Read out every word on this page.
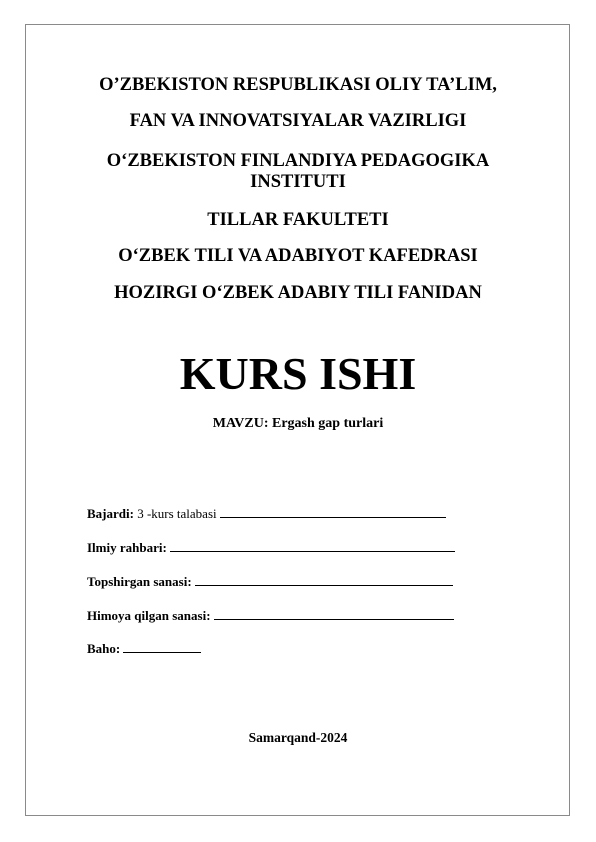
O’ZBEKISTON RESPUBLIKASI OLIY TA’LIM,

FAN VA INNOVATSIYALAR VAZIRLIGI

O‘ZBEKISTON FINLANDIYA PEDAGOGIKA

INSTITUTI

TILLAR FAKULTETI

O‘ZBEK TILI VA ADABIYOT KAFEDRASI

HOZIRGI O‘ZBEK ADABIY TILI FANIDAN

KURS ISHI

MAVZU: Ergash gap turlari

Bajardi: 3 -kurs talabasi
Ilmiy rahbari:
Topshirgan sanasi:
Himoya qilgan sanasi:
Baho:
Samarqand-2024
